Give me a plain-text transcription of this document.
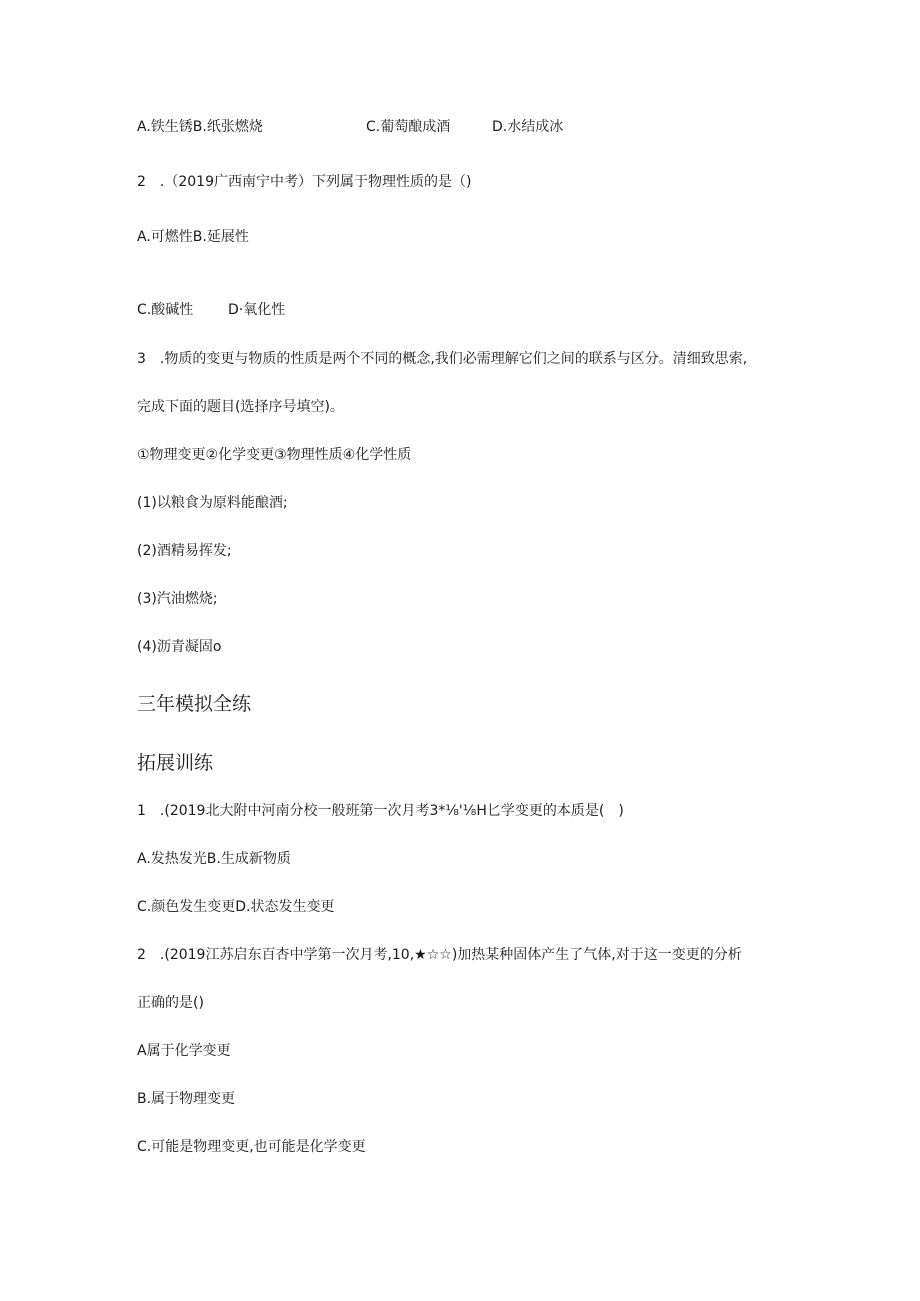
A.铁生锈B.纸张燃烧	C.葡萄酿成酒	D.水结成冰
2　.（2019广西南宁中考）下列属于物理性质的是（)
A.可燃性B.延展性
C.酸碱性 D·氧化性
3　.物质的变更与物质的性质是两个不同的概念,我们必需理解它们之间的联系与区分。清细致思索,
完成下面的题目(选择序号填空)。
①物理变更②化学变更③物理性质④化学性质
(1)以粮食为原料能酿酒;
(2)酒精易挥发;
(3)汽油燃烧;
(4)沥青凝固o
三年模拟全练
拓展训练
1　.(2019北大附中河南分校一般班第一次月考3*⅛'⅛H匕学变更的本质是(　)
A.发热发光B.生成新物质
C.颜色发生变更D.状态发生变更
2　.(2019江苏启东百杏中学第一次月考,10,★☆☆)加热某种固体产生了气体,对于这一变更的分析
正确的是()
A属于化学变更
B.属于物理变更
C.可能是物理变更,也可能是化学变更
